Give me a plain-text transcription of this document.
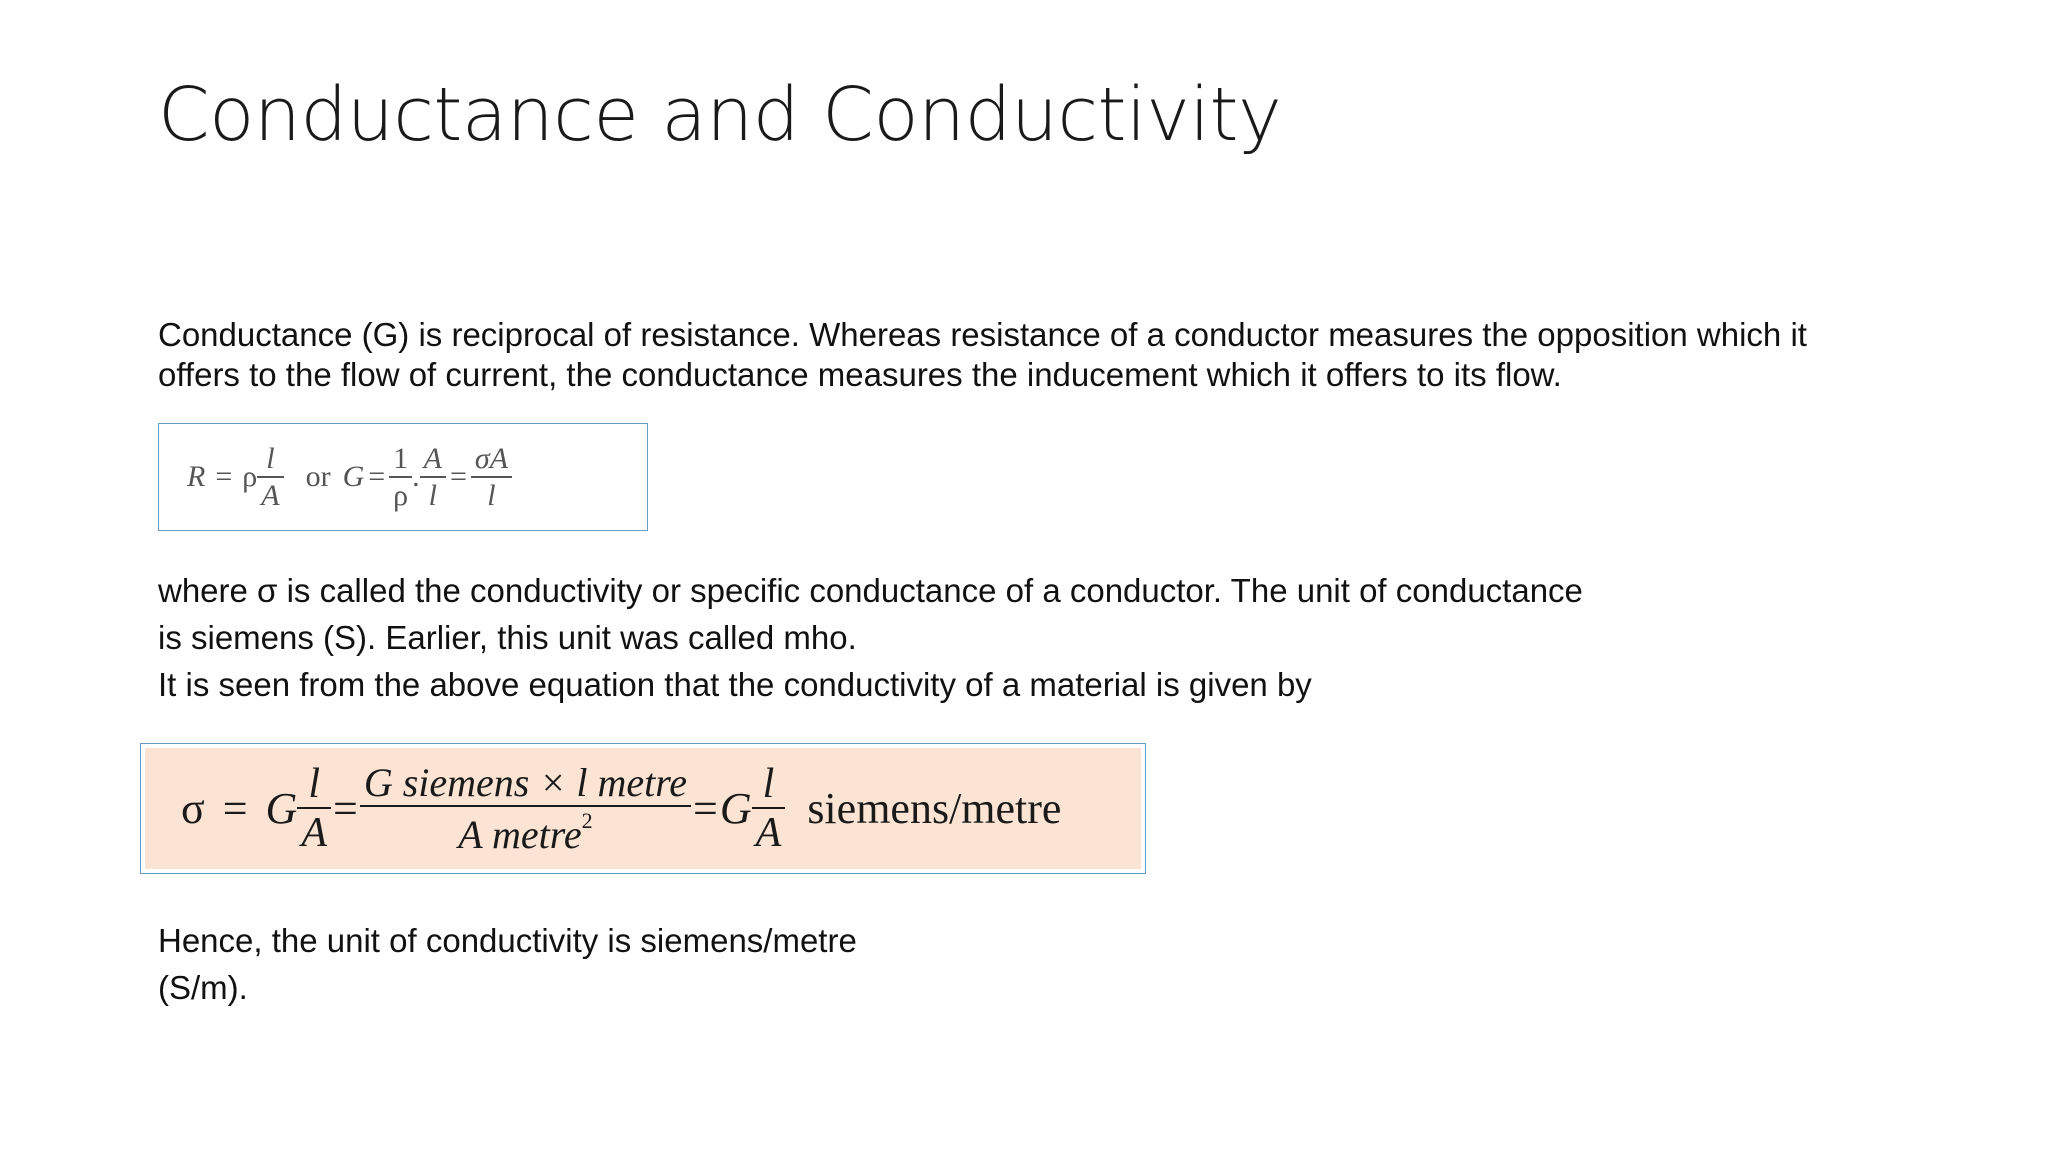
Conductance and Conductivity
Conductance (G) is reciprocal of resistance. Whereas resistance of a conductor measures the opposition which it
offers to the flow of current, the conductance measures the inducement which it offers to its flow.
R = ρ $\frac{l}{A}$ or $G = \frac{1}{\rho}$ . $\frac{A}{l} = \frac{\sigma A}{l}$
where σ is called the conductivity or specific conductance of a conductor. The unit of conductance
is siemens (S). Earlier, this unit was called mho.
It is seen from the above equation that the conductivity of a material is given by
σ = G $\frac{l}{A} = \frac{\text{G siemens × l metre}}{A metre^2} = G \frac{l}{A}$ siemens/metre
Hence, the unit of conductivity is siemens/metre
(S/m).
